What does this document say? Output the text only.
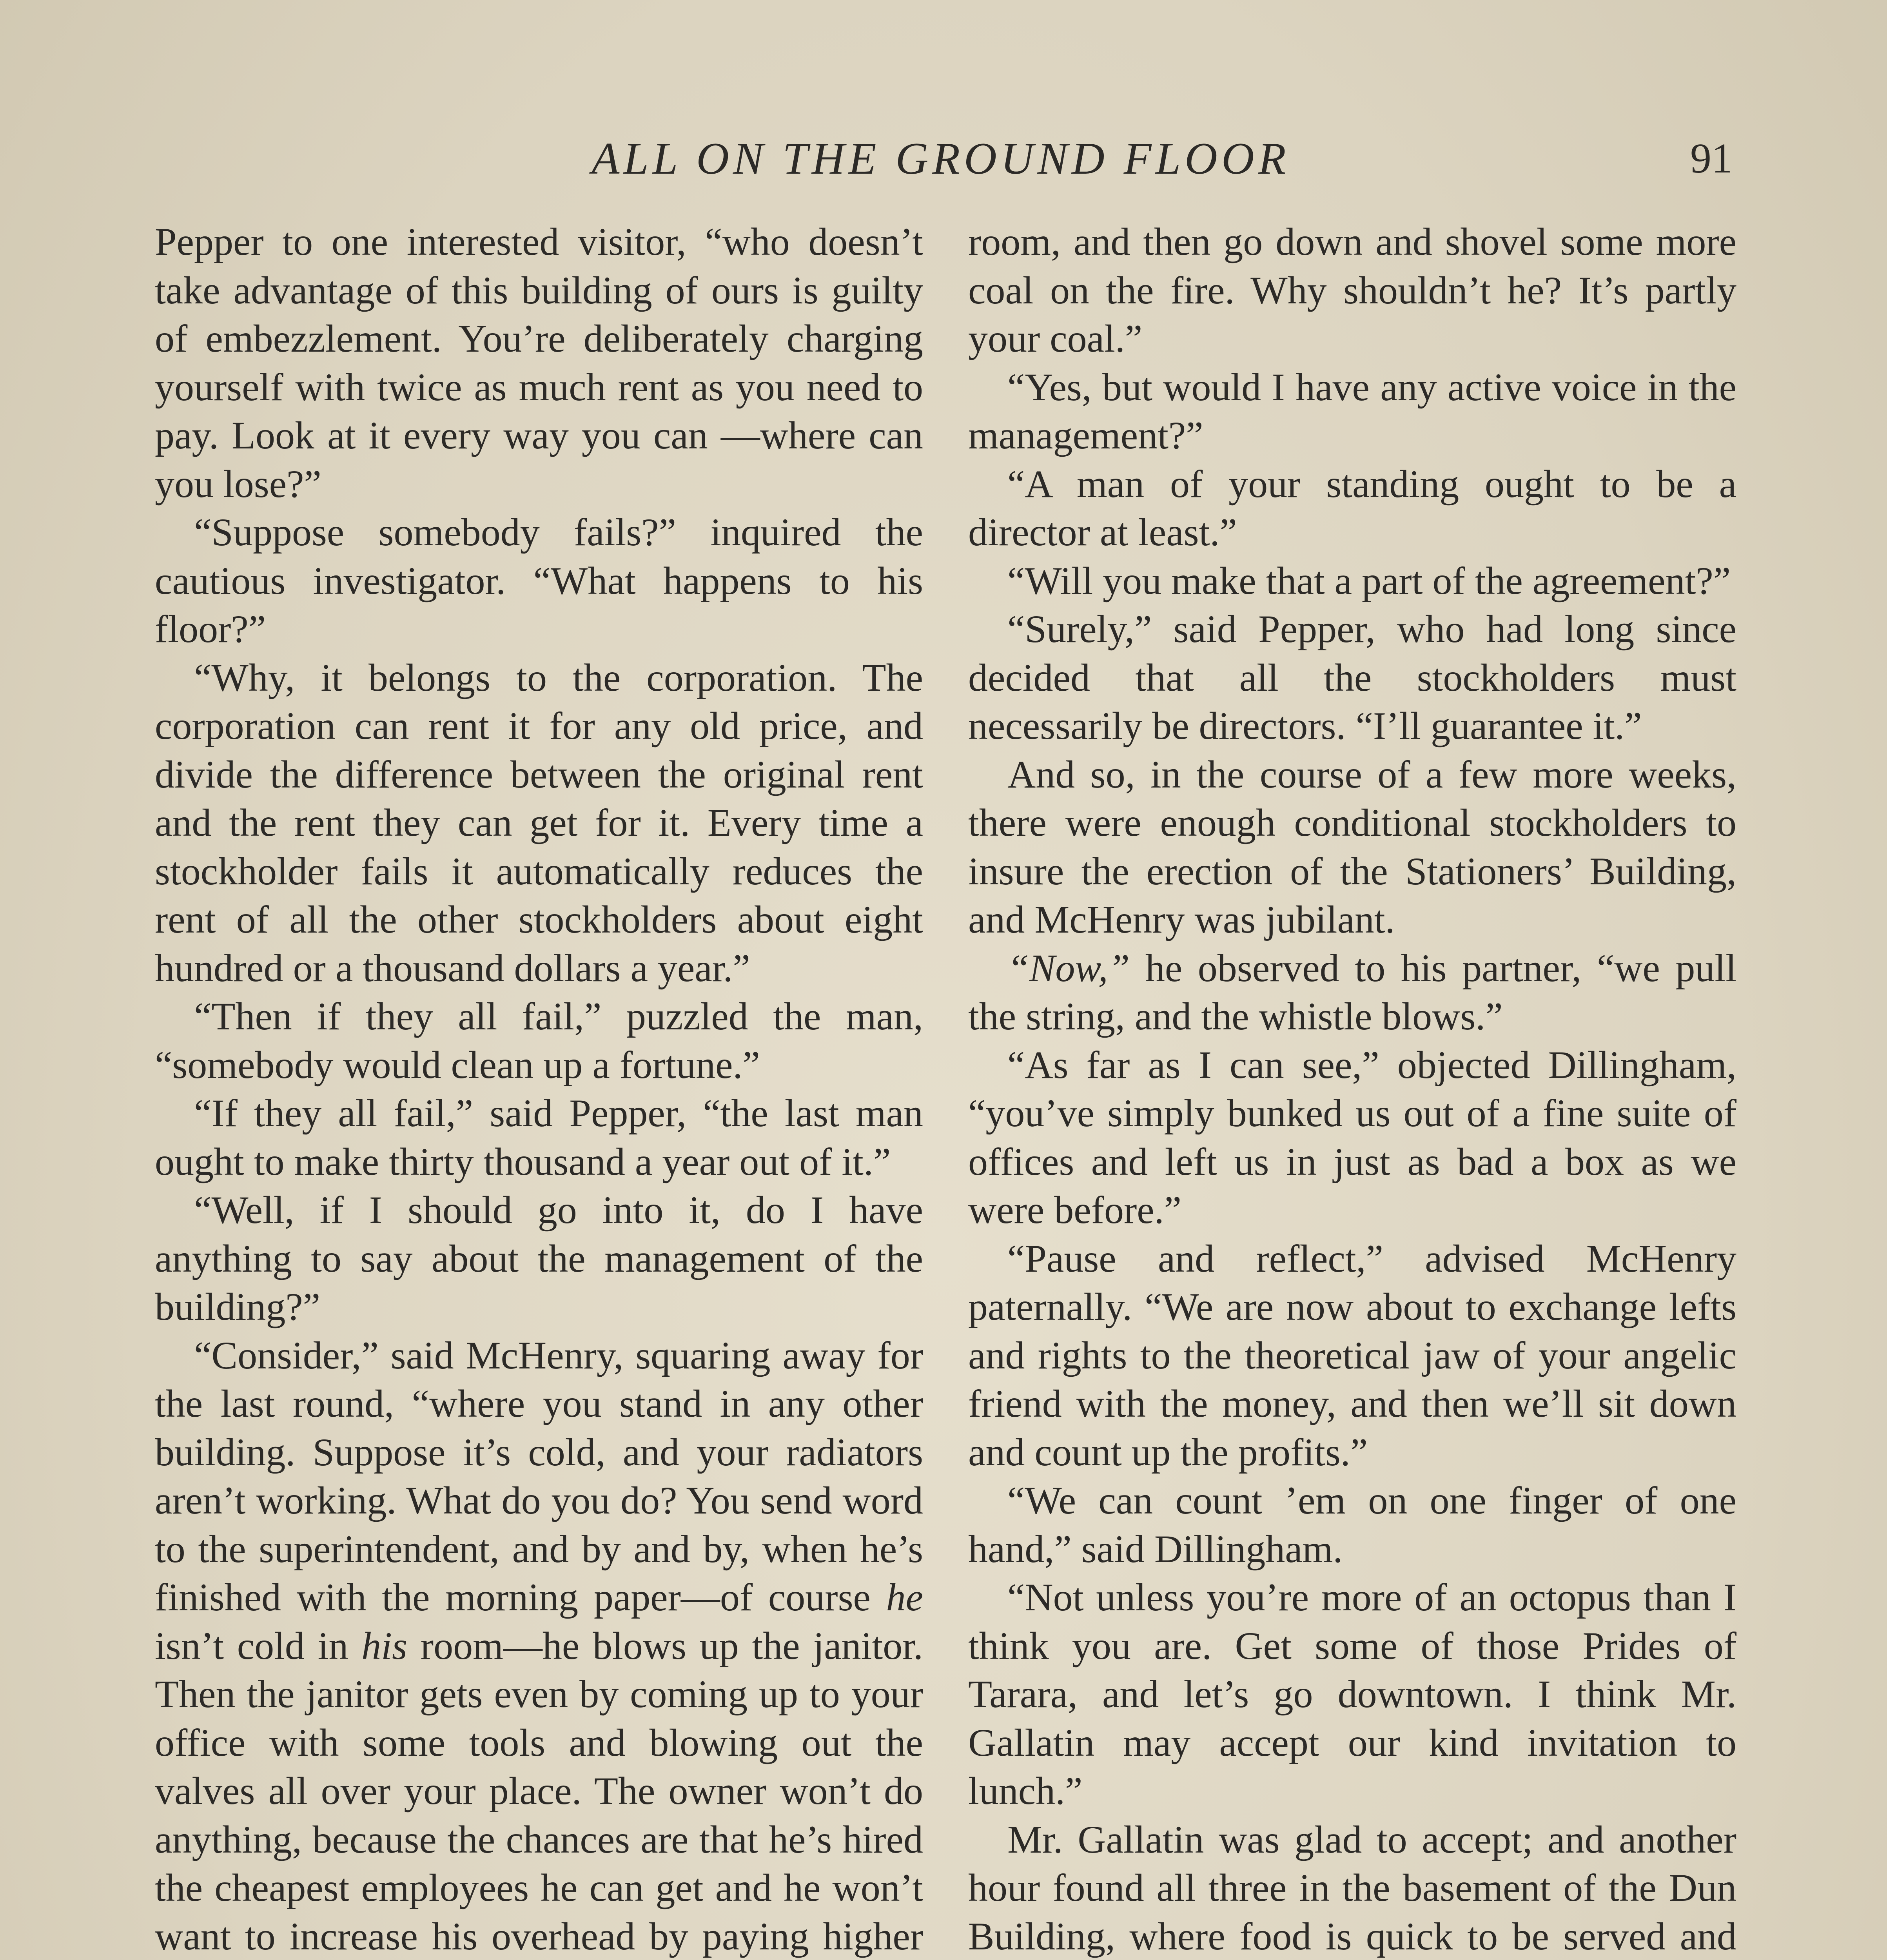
ALL ON THE GROUND FLOOR	91

Pepper to one interested visitor, “who doesn’t take advantage of this building of ours is guilty of embezzlement. You’re deliberately charging yourself with twice as much rent as you need to pay. Look at it every way you can —where can you lose?”

“Suppose somebody fails?” inquired the cautious investigator. “What happens to his floor?”

“Why, it belongs to the corporation. The corporation can rent it for any old price, and divide the difference between the original rent and the rent they can get for it. Every time a stockholder fails it automatically reduces the rent of all the other stockholders about eight hundred or a thousand dollars a year.”

“Then if they all fail,” puzzled the man, “somebody would clean up a fortune.”

“If they all fail,” said Pepper, “the last man ought to make thirty thousand a year out of it.”

“Well, if I should go into it, do I have anything to say about the management of the building?”

“Consider,” said McHenry, squaring away for the last round, “where you stand in any other building. Suppose it’s cold, and your radiators aren’t working. What do you do? You send word to the superintendent, and by and by, when he’s finished with the morning paper—of course he isn’t cold in his room—he blows up the janitor. Then the janitor gets even by coming up to your office with some tools and blowing out the valves all over your place. The owner won’t do anything, because the chances are that he’s hired the cheapest employees he can get and he won’t want to increase his overhead by paying higher

room, and then go down and shovel some more coal on the fire. Why shouldn’t he? It’s partly your coal.”

“Yes, but would I have any active voice in the management?”

“A man of your standing ought to be a director at least.”

“Will you make that a part of the agreement?”

“Surely,” said Pepper, who had long since decided that all the stockholders must necessarily be directors. “I’ll guarantee it.”

And so, in the course of a few more weeks, there were enough conditional stockholders to insure the erection of the Stationers’ Building, and McHenry was jubilant.

“Now,” he observed to his partner, “we pull the string, and the whistle blows.”

“As far as I can see,” objected Dillingham, “you’ve simply bunked us out of a fine suite of offices and left us in just as bad a box as we were before.”

“Pause and reflect,” advised McHenry paternally. “We are now about to exchange lefts and rights to the theoretical jaw of your angelic friend with the money, and then we’ll sit down and count up the profits.”

“We can count ’em on one finger of one hand,” said Dillingham.

“Not unless you’re more of an octopus than I think you are. Get some of those Prides of Tarara, and let’s go downtown. I think Mr. Gallatin may accept our kind invitation to lunch.”

Mr. Gallatin was glad to accept; and another hour found all three in the basement of the Dun Building, where food is quick to be served and
